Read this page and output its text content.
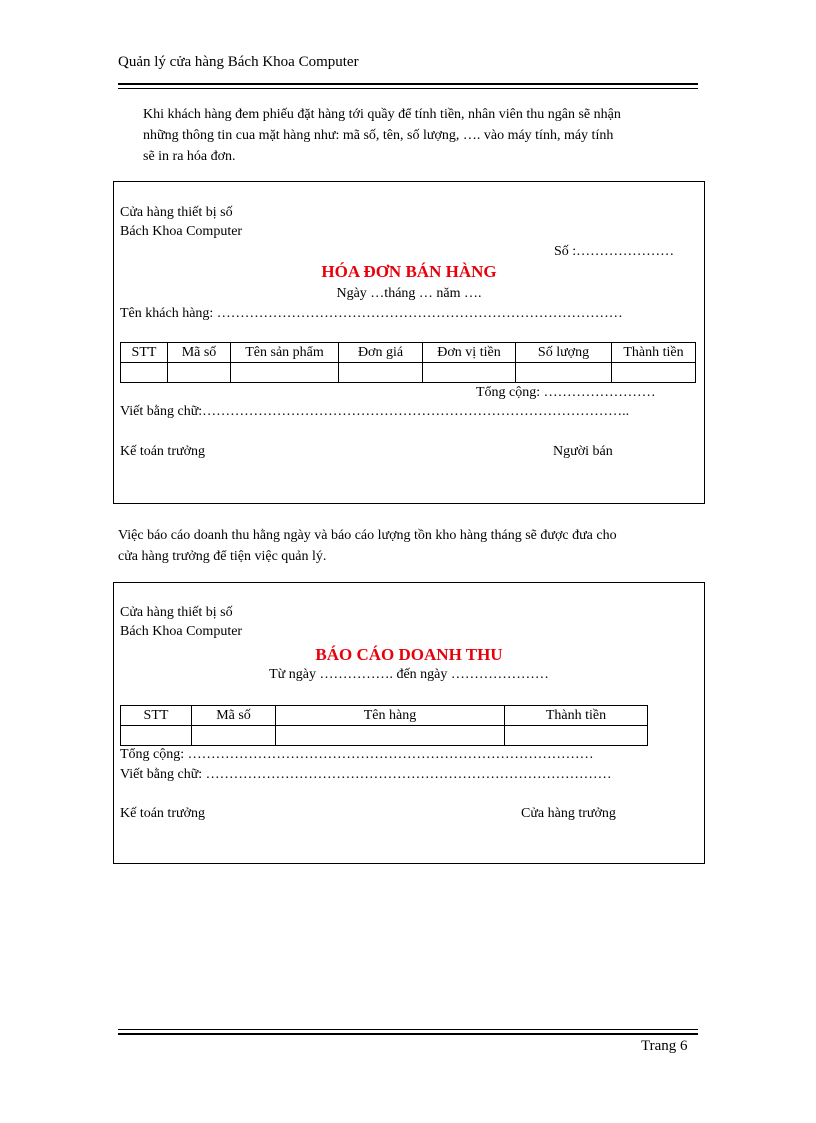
Quản lý cửa hàng Bách Khoa Computer
Khi khách hàng đem phiếu đặt hàng tới quầy để tính tiền, nhân viên thu ngân sẽ nhận
những thông tin cua mặt hàng như: mã số, tên, số lượng, …. vào máy tính, máy tính
sẽ in ra hóa đơn.
Cửa hàng thiết bị số
Bách Khoa Computer
Số :…………………
HÓA ĐƠN BÁN HÀNG
Ngày …tháng … năm ….
Tên khách hàng: ……………………………………………………………………………
STT	Mã số	Tên sản phẩm	Đơn giá	Đơn vị tiền	Số lượng	Thành tiền

Tổng cộng: ……………………
Viết bằng chữ:………………………………………………………………………………..
Kế toán trưởng	Người bán
Việc báo cáo doanh thu hằng ngày và báo cáo lượng tồn kho hàng tháng sẽ được đưa cho
cửa hàng trưởng để tiện việc quản lý.
Cửa hàng thiết bị số
Bách Khoa Computer
BÁO CÁO DOANH THU
Từ ngày ……………. đến ngày …………………
STT	Mã số	Tên hàng	Thành tiền

Tổng cộng: ……………………………………………………………………………
Viết bằng chữ: ……………………………………………………………………………
Kế toán trưởng	Cửa hàng trưởng
Trang 6
